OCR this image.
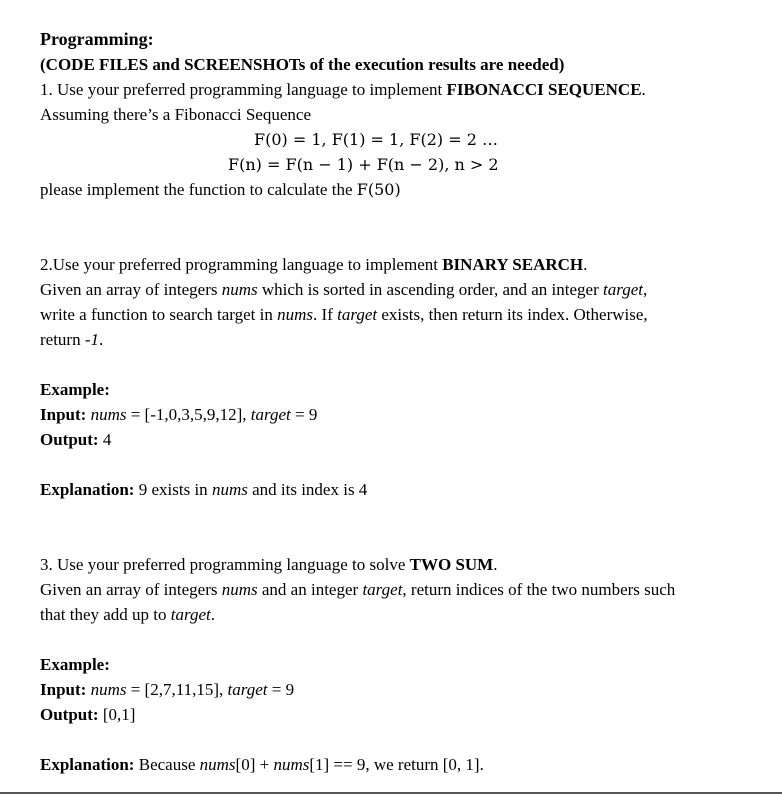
Programming:
(CODE FILES and SCREENSHOTs of the execution results are needed)
1. Use your preferred programming language to implement FIBONACCI SEQUENCE.
Assuming there’s a Fibonacci Sequence
F(0) = 1, F(1) = 1, F(2) = 2 …
F(n) = F(n − 1) + F(n − 2), n > 2
please implement the function to calculate the F(50)
2.Use your preferred programming language to implement BINARY SEARCH.
Given an array of integers nums which is sorted in ascending order, and an integer target,
write a function to search target in nums. If target exists, then return its index. Otherwise,
return -1.
Example:
Input: nums = [-1,0,3,5,9,12], target = 9
Output: 4
Explanation: 9 exists in nums and its index is 4
3. Use your preferred programming language to solve TWO SUM.
Given an array of integers nums and an integer target, return indices of the two numbers such
that they add up to target.
Example:
Input: nums = [2,7,11,15], target = 9
Output: [0,1]
Explanation: Because nums[0] + nums[1] == 9, we return [0, 1].
